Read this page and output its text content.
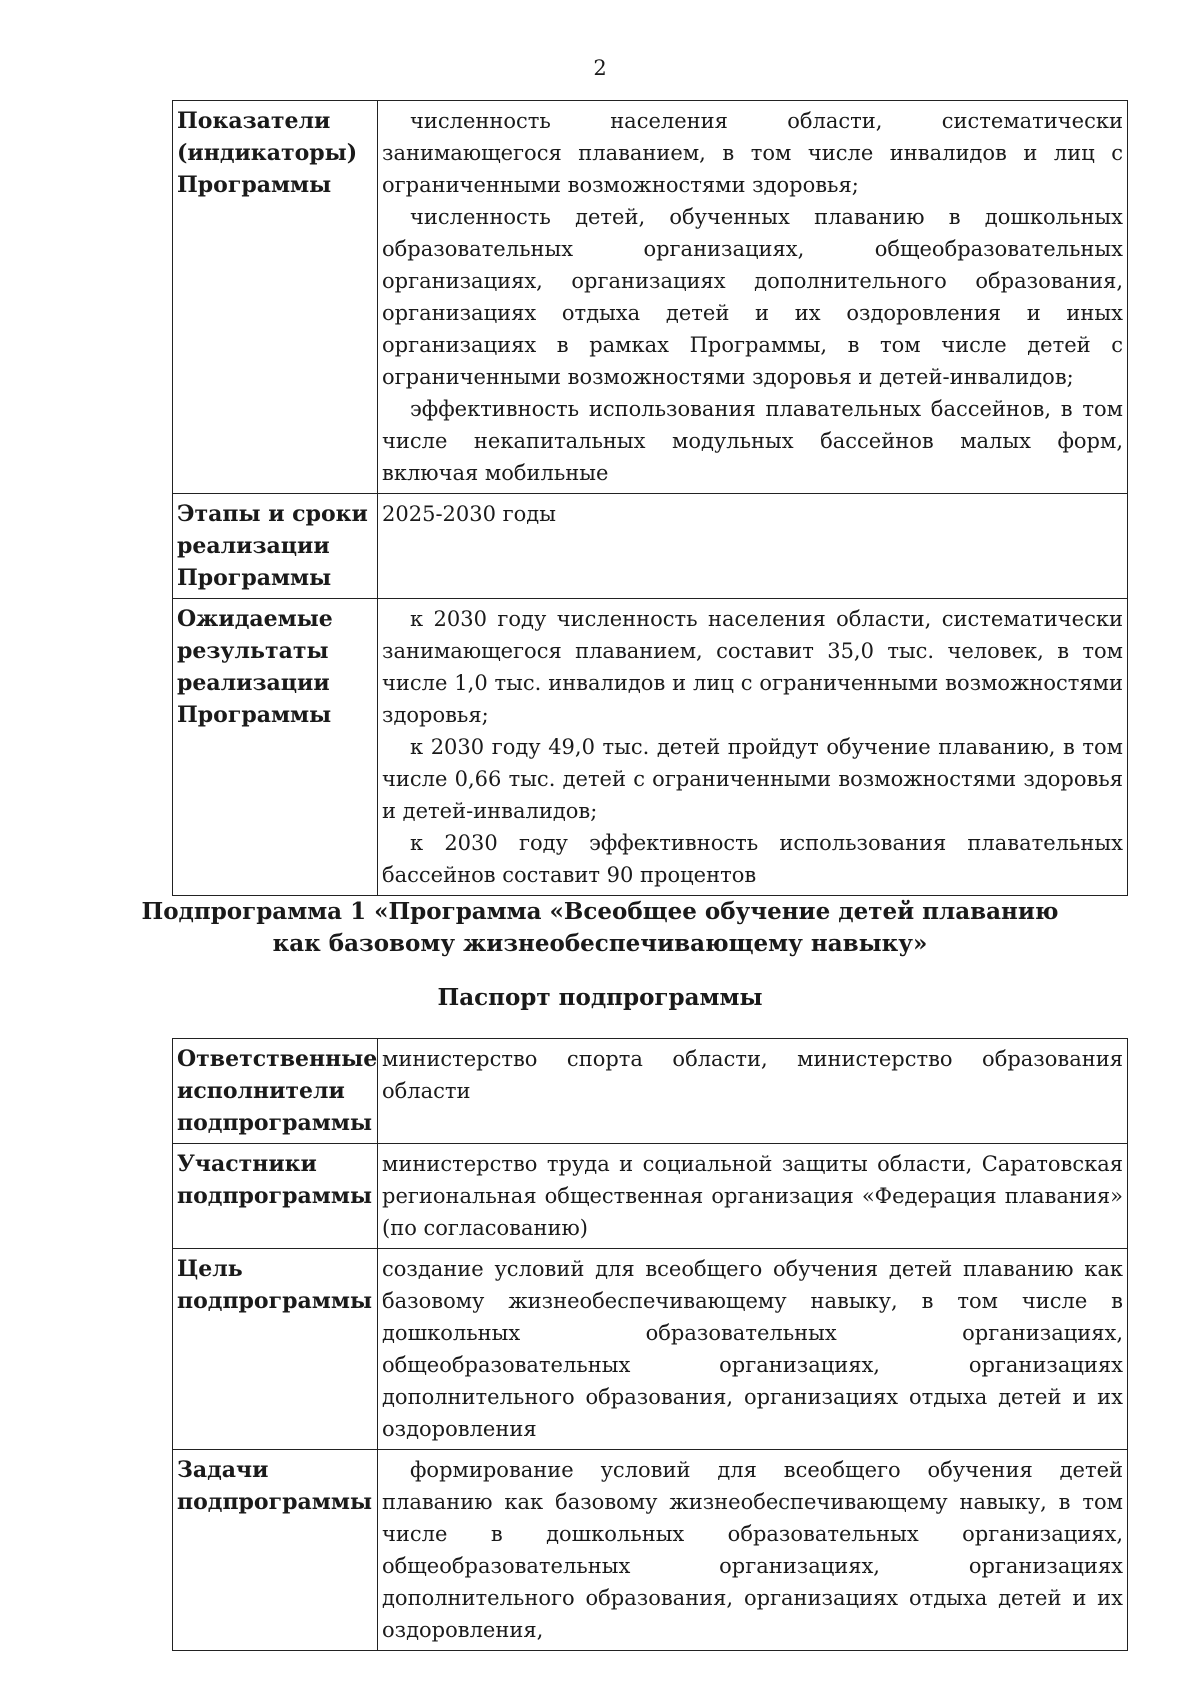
2
Показатели (индикаторы) Программы	численность населения области, систематически занимающегося плаванием, в том числе инвалидов и лиц с ограниченными возможностями здоровья;

численность детей, обученных плаванию в дошкольных образовательных организациях, общеобразовательных организациях, организациях дополнительного образования, организациях отдыха детей и их оздоровления и иных организациях в рамках Программы, в том числе детей с ограниченными возможностями здоровья и детей-инвалидов;

эффективность использования плавательных бассейнов, в том числе некапитальных модульных бассейнов малых форм, включая мобильные

Этапы и сроки реализации Программы	2025-2030 годы

Ожидаемые результаты реализации Программы	к 2030 году численность населения области, систематически занимающегося плаванием, составит 35,0 тыс. человек, в том числе 1,0 тыс. инвалидов и лиц с ограниченными возможностями здоровья;

к 2030 году 49,0 тыс. детей пройдут обучение плаванию, в том числе 0,66 тыс. детей с ограниченными возможностями здоровья и детей-инвалидов;

к 2030 году эффективность использования плавательных бассейнов составит 90 процентов

Подпрограмма 1 «Программа «Всеобщее обучение детей плаванию
как базовому жизнеобеспечивающему навыку»
Паспорт подпрограммы
Ответственные исполнители подпрограммы	министерство спорта области, министерство образования области

Участники подпрограммы	министерство труда и социальной защиты области, Саратовская региональная общественная организация «Федерация плавания» (по согласованию)

Цель подпрограммы	создание условий для всеобщего обучения детей плаванию как базовому жизнеобеспечивающему навыку, в том числе в дошкольных образовательных организациях, общеобразовательных организациях, организациях дополнительного образования, организациях отдыха детей и их оздоровления

Задачи подпрограммы	формирование условий для всеобщего обучения детей плаванию как базовому жизнеобеспечивающему навыку, в том числе в дошкольных образовательных организациях, общеобразовательных организациях, организациях дополнительного образования, организациях отдыха детей и их оздоровления,
